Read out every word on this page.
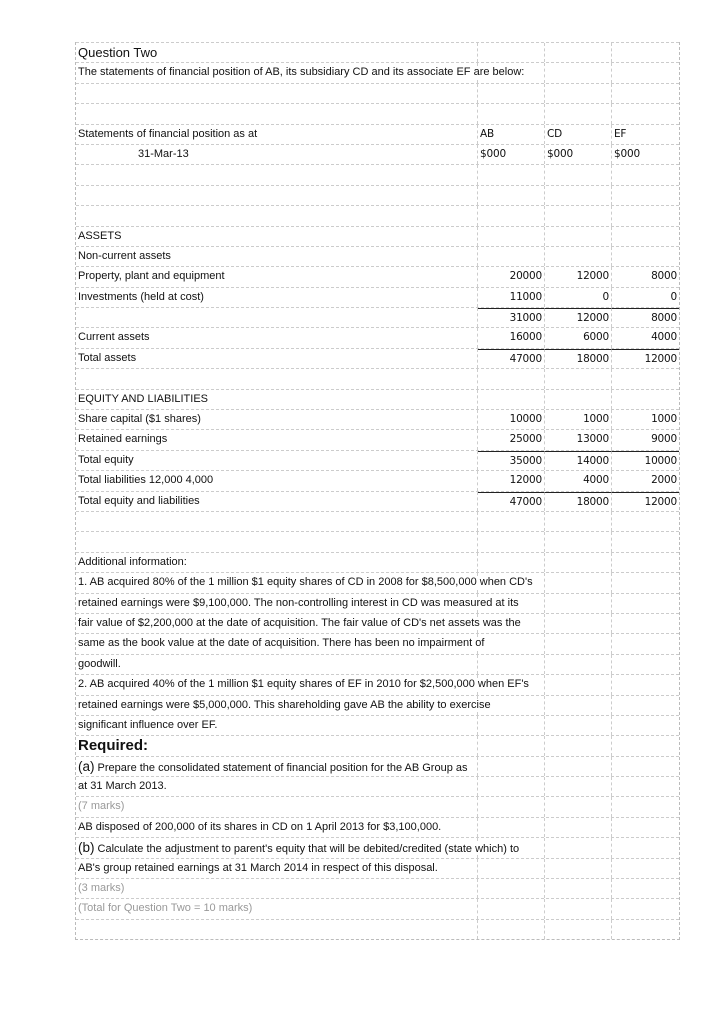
Question Two
The statements of financial position of AB, its subsidiary CD and its associate EF are below:
Statements of financial position as at	AB	CD	EF
31-Mar-13	$000	$000	$000
ASSETS
Non-current assets
Property, plant and equipment	20000	12000	8000
Investments (held at cost)	11000	0	0
31000	12000	8000
Current assets	16000	6000	4000
Total assets	47000	18000	12000
EQUITY AND LIABILITIES
Share capital ($1 shares)	10000	1000	1000
Retained earnings	25000	13000	9000
Total equity	35000	14000	10000
Total liabilities 12,000 4,000	12000	4000	2000
Total equity and liabilities	47000	18000	12000
Additional information:
1. AB acquired 80% of the 1 million $1 equity shares of CD in 2008 for $8,500,000 when CD's
retained earnings were $9,100,000. The non-controlling interest in CD was measured at its
fair value of $2,200,000 at the date of acquisition. The fair value of CD's net assets was the
same as the book value at the date of acquisition. There has been no impairment of
goodwill.
2. AB acquired 40% of the 1 million $1 equity shares of EF in 2010 for $2,500,000 when EF's
retained earnings were $5,000,000. This shareholding gave AB the ability to exercise
significant influence over EF.
Required:
(a) Prepare the consolidated statement of financial position for the AB Group as
at 31 March 2013.
(7 marks)
AB disposed of 200,000 of its shares in CD on 1 April 2013 for $3,100,000.
(b) Calculate the adjustment to parent's equity that will be debited/credited (state which) to
AB's group retained earnings at 31 March 2014 in respect of this disposal.
(3 marks)
(Total for Question Two = 10 marks)
